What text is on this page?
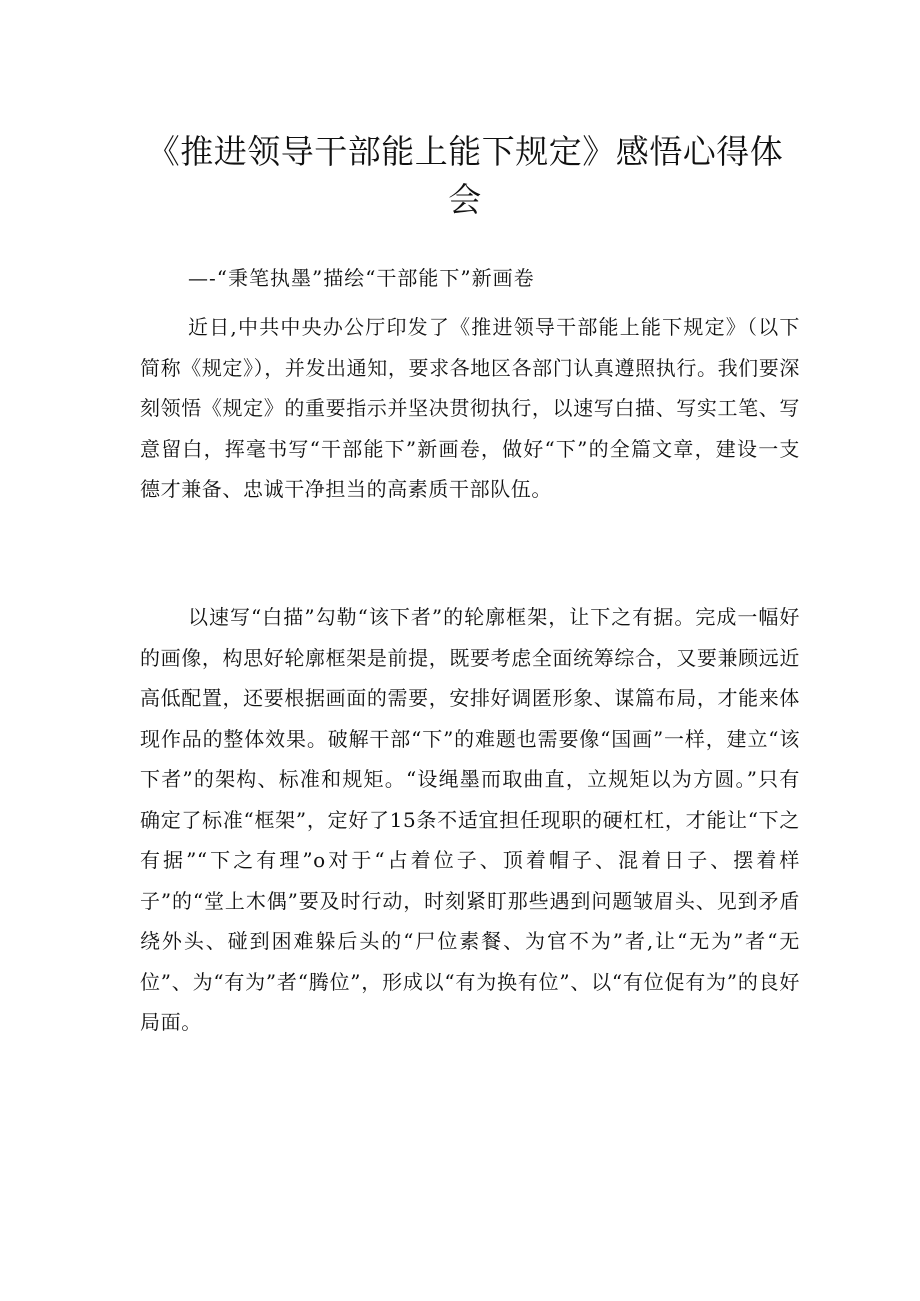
《推进领导干部能上能下规定》感悟心得体会

—-“秉笔执墨”描绘“干部能下”新画卷

近日,中共中央办公厅印发了《推进领导干部能上能下规定》（以下简称《规定》），并发出通知，要求各地区各部门认真遵照执行。我们要深刻领悟《规定》的重要指示并坚决贯彻执行，以速写白描、写实工笔、写意留白，挥毫书写“干部能下”新画卷，做好“下”的全篇文章，建设一支德才兼备、忠诚干净担当的高素质干部队伍。

以速写“白描”勾勒“该下者”的轮廓框架，让下之有据。完成一幅好的画像，构思好轮廓框架是前提，既要考虑全面统筹综合，又要兼顾远近高低配置，还要根据画面的需要，安排好调匿形象、谋篇布局，才能来体现作品的整体效果。破解干部“下”的难题也需要像“国画”一样，建立“该下者”的架构、标准和规矩。“设绳墨而取曲直，立规矩以为方圆。”只有确定了标准“框架”，定好了15条不适宜担任现职的硬杠杠，才能让“下之有据”“下之有理”o对于“占着位子、顶着帽子、混着日子、摆着样子”的“堂上木偶”要及时行动，时刻紧盯那些遇到问题皱眉头、见到矛盾绕外头、碰到困难躲后头的“尸位素餐、为官不为”者,让“无为”者“无位”、为“有为”者“腾位”，形成以“有为换有位”、以“有位促有为”的良好局面。
